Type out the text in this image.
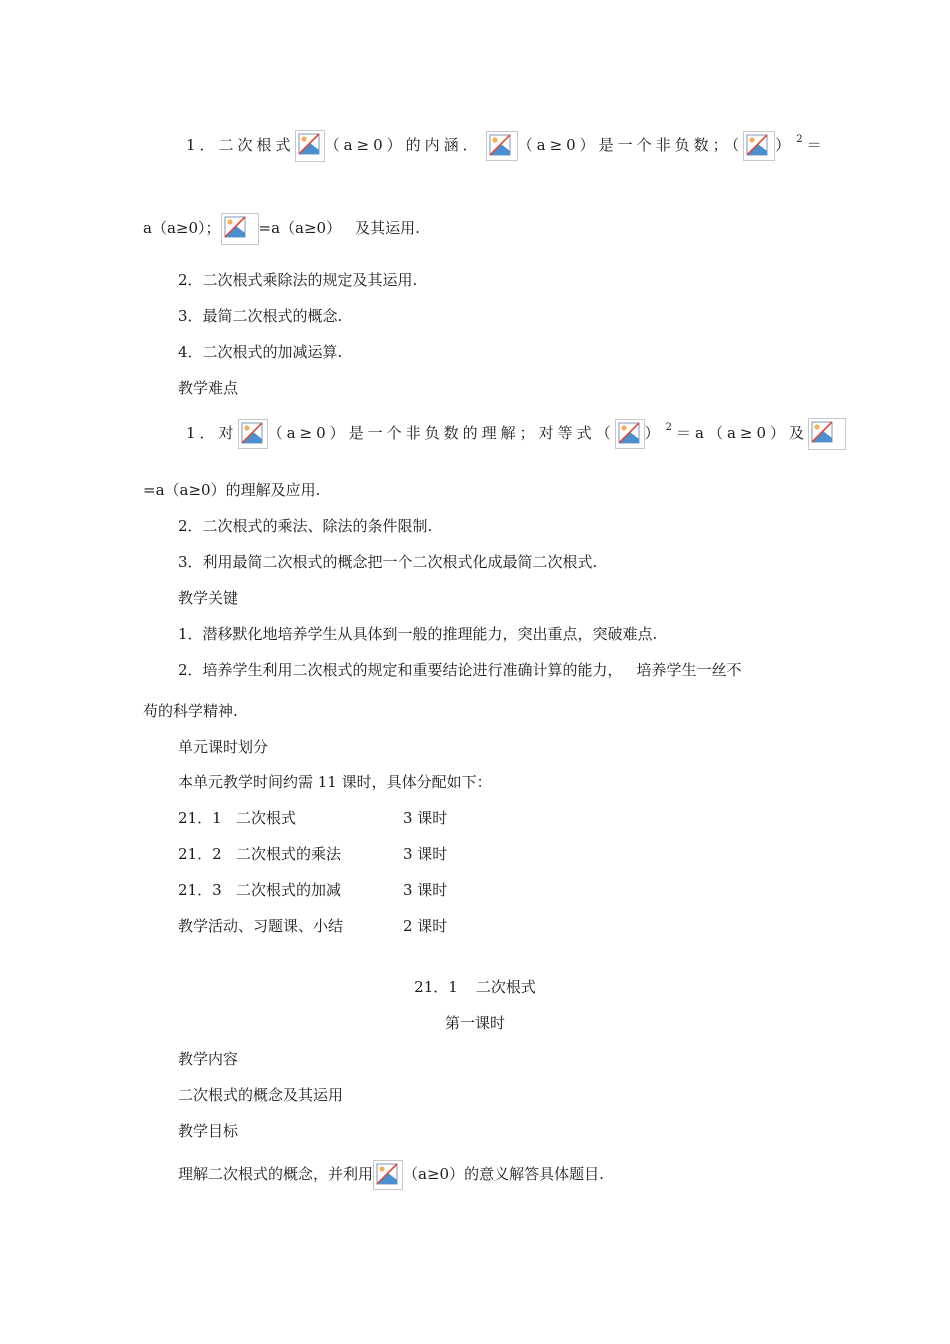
1．二次根式 （a≥0）的内涵． （a≥0）是一个非负数；（ ） $^2$＝
a（a≥0）；	=a（a≥0） 及其运用.
2．二次根式乘除法的规定及其运用.
3．最简二次根式的概念.
4．二次根式的加减运算.
教学难点
1．对 （a≥0）是一个非负数的理解；对等式（ ） $^2$＝a（a≥0）及
=a（a≥0）的理解及应用.
2．二次根式的乘法、除法的条件限制.
3．利用最简二次根式的概念把一个二次根式化成最简二次根式.
教学关键
1．潜移默化地培养学生从具体到一般的推理能力，突出重点，突破难点.
2．培养学生利用二次根式的规定和重要结论进行准确计算的能力， 培养学生一丝不
苟的科学精神.
单元课时划分
本单元教学时间约需 11 课时，具体分配如下：
21．1 二次根式	3 课时
21．2 二次根式的乘法	3 课时
21．3 二次根式的加减	3 课时
教学活动、习题课、小结	2 课时
21．1 二次根式
第一课时
教学内容
二次根式的概念及其运用
教学目标
理解二次根式的概念，并利用 （a≥0）的意义解答具体题目.
